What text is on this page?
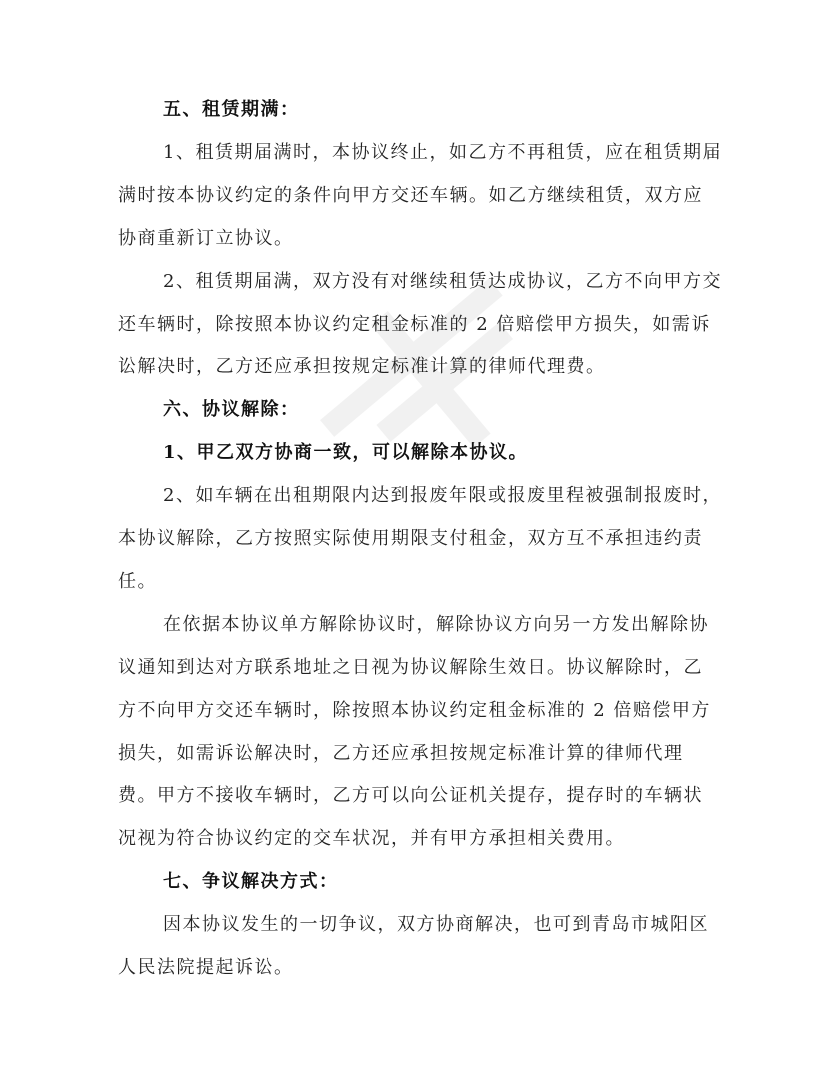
五、租赁期满：
1、租赁期届满时，本协议终止，如乙方不再租赁，应在租赁期届
满时按本协议约定的条件向甲方交还车辆。如乙方继续租赁，双方应
协商重新订立协议。
2、租赁期届满，双方没有对继续租赁达成协议，乙方不向甲方交
还车辆时，除按照本协议约定租金标准的 2 倍赔偿甲方损失，如需诉
讼解决时，乙方还应承担按规定标准计算的律师代理费。
六、协议解除：
1、甲乙双方协商一致，可以解除本协议。
2、如车辆在出租期限内达到报废年限或报废里程被强制报废时，
本协议解除，乙方按照实际使用期限支付租金，双方互不承担违约责
任。
在依据本协议单方解除协议时，解除协议方向另一方发出解除协
议通知到达对方联系地址之日视为协议解除生效日。协议解除时，乙
方不向甲方交还车辆时，除按照本协议约定租金标准的 2 倍赔偿甲方
损失，如需诉讼解决时，乙方还应承担按规定标准计算的律师代理
费。甲方不接收车辆时，乙方可以向公证机关提存，提存时的车辆状
况视为符合协议约定的交车状况，并有甲方承担相关费用。
七、争议解决方式：
因本协议发生的一切争议，双方协商解决，也可到青岛市城阳区
人民法院提起诉讼。
